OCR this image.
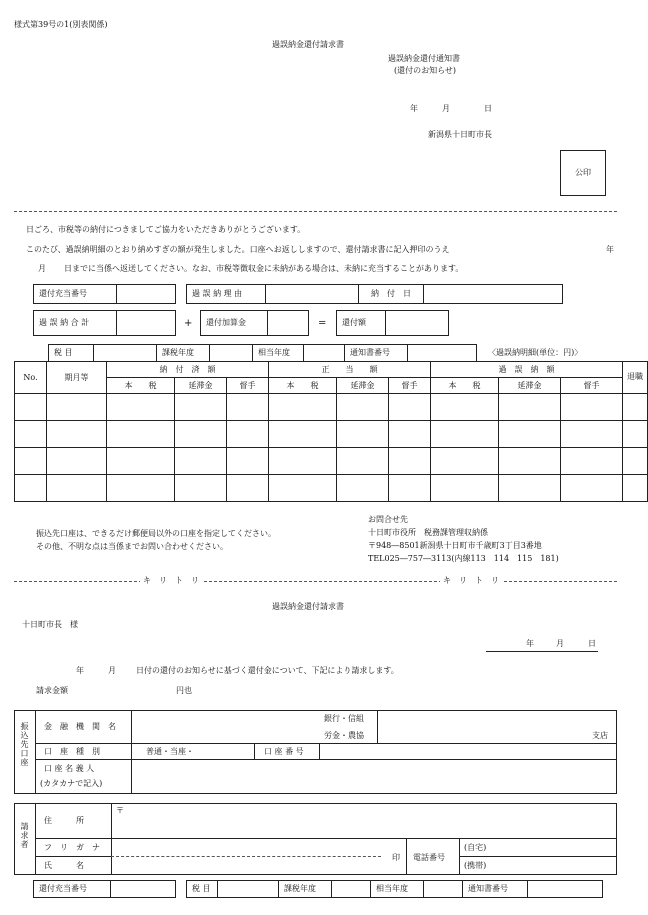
様式第39号の1(別表関係)
過誤納金還付請求書
過誤納金還付通知書
(還付のお知らせ)
年	月	日
新潟県十日町市長
公印
日ごろ、市税等の納付につきましてご協力をいただきありがとうございます。
このたび、過誤納明細のとおり納めすぎの額が発生しました。口座へお返ししますので、還付請求書に記入押印のうえ	年
月 日までに当係へ返送してください。なお、市税等徴収金に未納がある場合は、未納に充当することがあります。
還付充当番号	過 誤 納 理 由	納　付　日
過 誤 納 合 計	+	還付加算金	=	還付額
税 目	課税年度	相当年度	通知書番号	〈過誤納明細(単位：円)〉
No.	期月等	納　付　済　額			正　　当　　額			過　誤　納　額			退職
		本　　税	延滞金	督手	本　　税	延滞金	督手	本　　税	延滞金	督手	

振込先口座は、できるだけ郵便局以外の口座を指定してください。
その他、不明な点は当係までお問い合わせください。
お問合せ先
十日町市役所　税務課管理収納係
〒948―8501新潟県十日町市千歳町3丁目3番地
TEL025―757―3113(内線113　114　115　181)
キ　リ　ト　リ	キ　リ　ト　リ
過誤納金還付請求書
十日町市長　様
年	月	日
年	月	日付の還付のお知らせに基づく還付金について、下記により請求します。
請求金額	円也
振込先口座 金　融　機　関　名
銀行・信組
労金・農協	支店
口　座　種　別	普通・当座・	口 座 番 号
口 座 名 義 人
(カタカナで記入)
請求者
住　　　所
〒
フ　リ　ガ　ナ
氏　　　名
印 電話番号
(自宅)
(携帯)
還付充当番号	税 目	課税年度	相当年度	通知書番号
